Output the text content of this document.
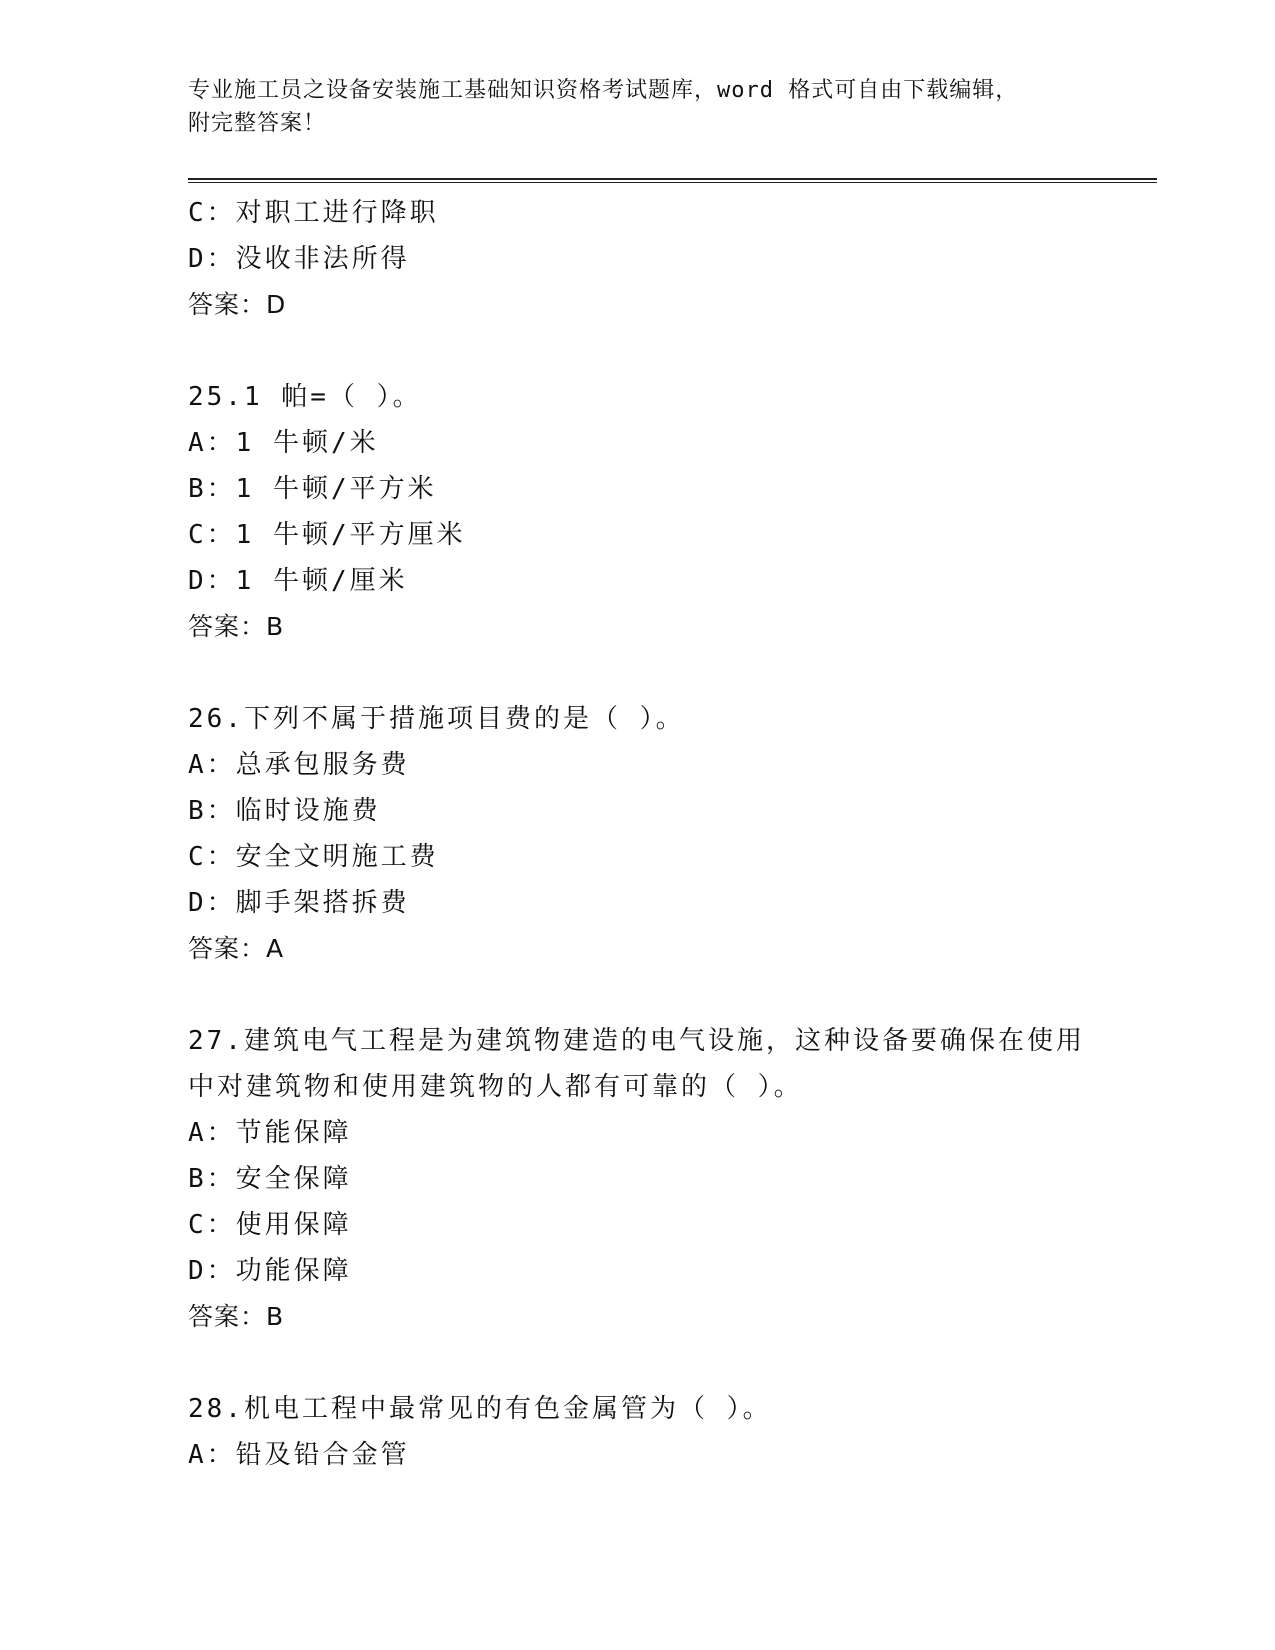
专业施工员之设备安装施工基础知识资格考试题库，word 格式可自由下载编辑，
附完整答案！
C：对职工进行降职
D：没收非法所得
答案：D
25.1 帕=（ ）。
A：1 牛顿/米
B：1 牛顿/平方米
C：1 牛顿/平方厘米
D：1 牛顿/厘米
答案：B
26.下列不属于措施项目费的是（ ）。
A：总承包服务费
B：临时设施费
C：安全文明施工费
D：脚手架搭拆费
答案：A
27.建筑电气工程是为建筑物建造的电气设施，这种设备要确保在使用
中对建筑物和使用建筑物的人都有可靠的（ ）。
A：节能保障
B：安全保障
C：使用保障
D：功能保障
答案：B
28.机电工程中最常见的有色金属管为（ ）。
A：铅及铅合金管
